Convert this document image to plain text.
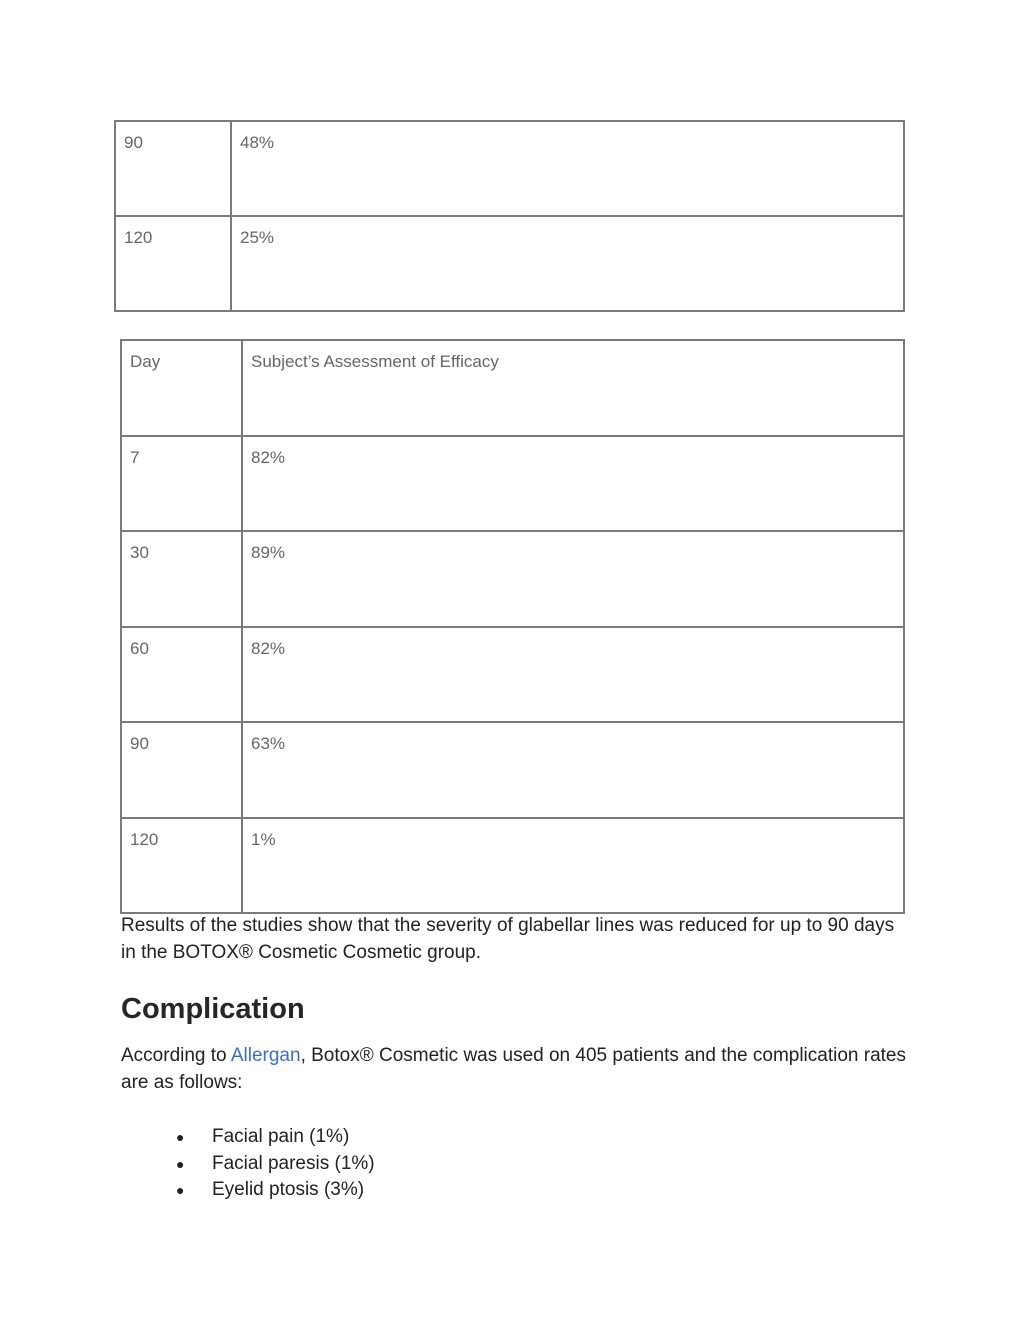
90	48%
120	25%
Day	Subject’s Assessment of Efficacy
7	82%
30	89%
60	82%
90	63%
120	1%

Results of the studies show that the severity of glabellar lines was reduced for up to 90 days in the BOTOX® Cosmetic Cosmetic group.

Complication

According to Allergan, Botox® Cosmetic was used on 405 patients and the complication rates are as follows:

● Facial pain (1%)
● Facial paresis (1%)
● Eyelid ptosis (3%)
